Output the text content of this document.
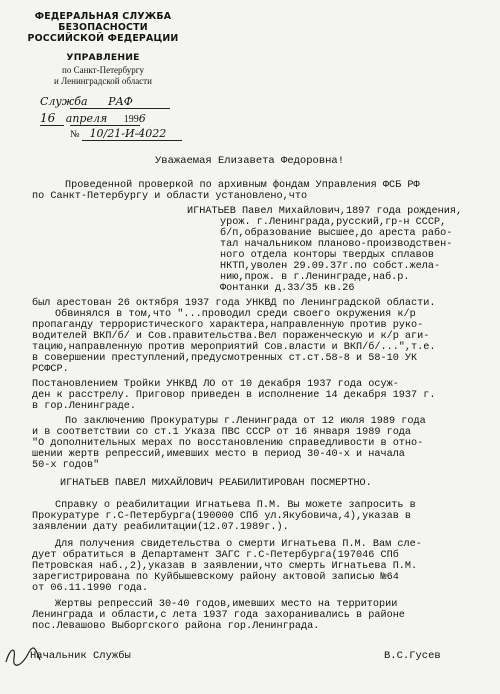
ФЕДЕРАЛЬНАЯ СЛУЖБА
БЕЗОПАСНОСТИ
РОССИЙСКОЙ ФЕДЕРАЦИИ
УПРАВЛЕНИЕ
по Санкт-Петербургу
и Ленинградской области
Служба РАФ
16 апреля 1996
№ 10/21-И-4022
Уважаемая Елизавета Федоровна!
Проведенной проверкой по архивным фондам Управления ФСБ РФ
по Санкт-Петербургу и области установлено,что
ИГНАТЬЕВ Павел Михайлович,1897 года рождения,
урож. г.Ленинграда,русский,гр-н СССР,
б/п,образование высшее,до ареста рабо-
тал начальником планово-производствен-
ного отдела конторы твердых сплавов
НКТП,уволен 29.09.37г.по собст.жела-
нию,прож. в г.Ленинграде,наб.р.
Фонтанки д.33/35 кв.26
был арестован 26 октября 1937 года УНКВД по Ленинградской области.
Обвинялся в том,что "...проводил среди своего окружения к/р
пропаганду террористического характера,направленную против руко-
водителей ВКП/б/ и Сов.правительства.Вел пораженческую и к/р аги-
тацию,направленную против мероприятий Сов.власти и ВКП/б/...",т.е.
в совершении преступлений,предусмотренных ст.ст.58-8 и 58-10 УК
РСФСР.
Постановлением Тройки УНКВД ЛО от 10 декабря 1937 года осуж-
ден к расстрелу. Приговор приведен в исполнение 14 декабря 1937 г.
в гор.Ленинграде.
По заключению Прокуратуры г.Ленинграда от 12 июля 1989 года
и в соответствии со ст.1 Указа ПВС СССР от 16 января 1989 года
"О дополнительных мерах по восстановлению справедливости в отно-
шении жертв репрессий,имевших место в период 30-40-х и начала
50-х годов"
ИГНАТЬЕВ ПАВЕЛ МИХАЙЛОВИЧ РЕАБИЛИТИРОВАН ПОСМЕРТНО.
Справку о реабилитации Игнатьева П.М. Вы можете запросить в
Прокуратуре г.С-Петербурга(190000 СПб ул.Якубовича,4),указав в
заявлении дату реабилитации(12.07.1989г.).
Для получения свидетельства о смерти Игнатьева П.М. Вам сле-
дует обратиться в Департамент ЗАГС г.С-Петербурга(197046 СПб
Петровская наб.,2),указав в заявлении,что смерть Игнатьева П.М.
зарегистрирована по Куйбышевскому району актовой записью №64
от 06.11.1990 года.
Жертвы репрессий 30-40 годов,имевших место на территории
Ленинграда и области,с лета 1937 года захоранивались в районе
пос.Левашово Выборгского района гор.Ленинграда.
Начальник Службы	В.С.Гусев
